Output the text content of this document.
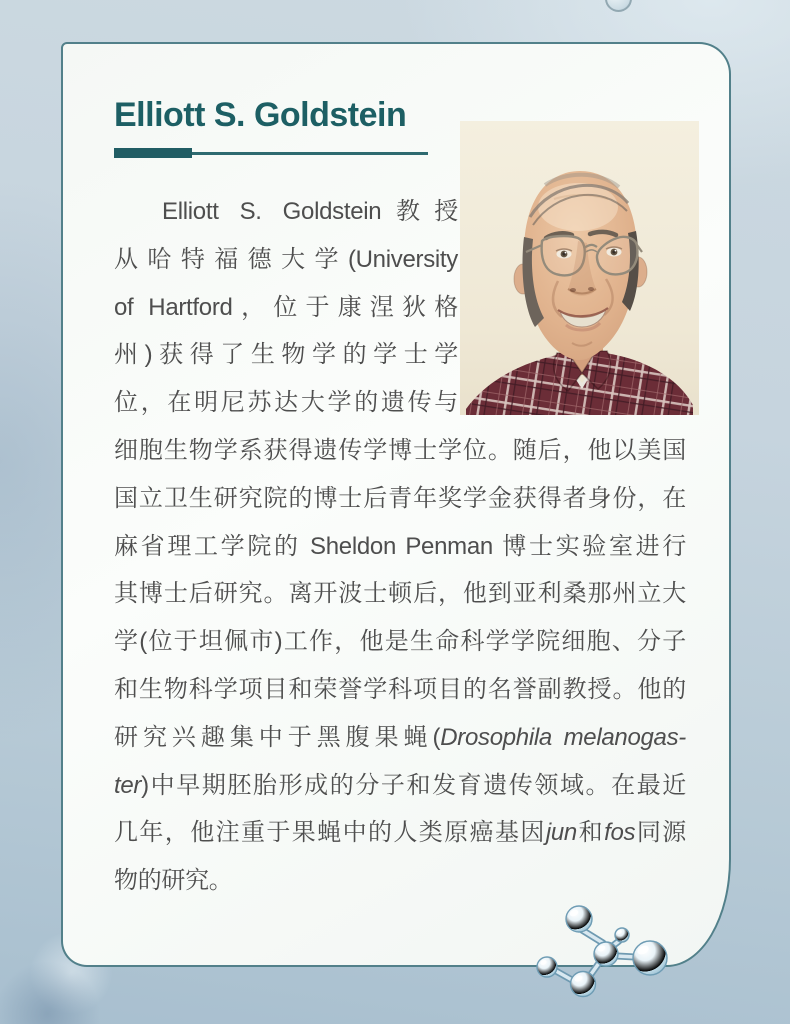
Elliott S. Goldstein
Elliott S. Goldstein教授
从哈特福德大学(University
of Hartford，位于康涅狄格
州)获得了生物学的学士学
位，在明尼苏达大学的遗传与
细胞生物学系获得遗传学博士学位。随后，他以美国
国立卫生研究院的博士后青年奖学金获得者身份，在
麻省理工学院的 Sheldon Penman 博士实验室进行
其博士后研究。离开波士顿后，他到亚利桑那州立大
学(位于坦佩市)工作，他是生命科学学院细胞、分子
和生物科学项目和荣誉学科项目的名誉副教授。他的
研究兴趣集中于黑腹果蝇(Drosophila melanogas-
ter)中早期胚胎形成的分子和发育遗传领域。在最近
几年，他注重于果蝇中的人类原癌基因jun和fos同源
物的研究。
